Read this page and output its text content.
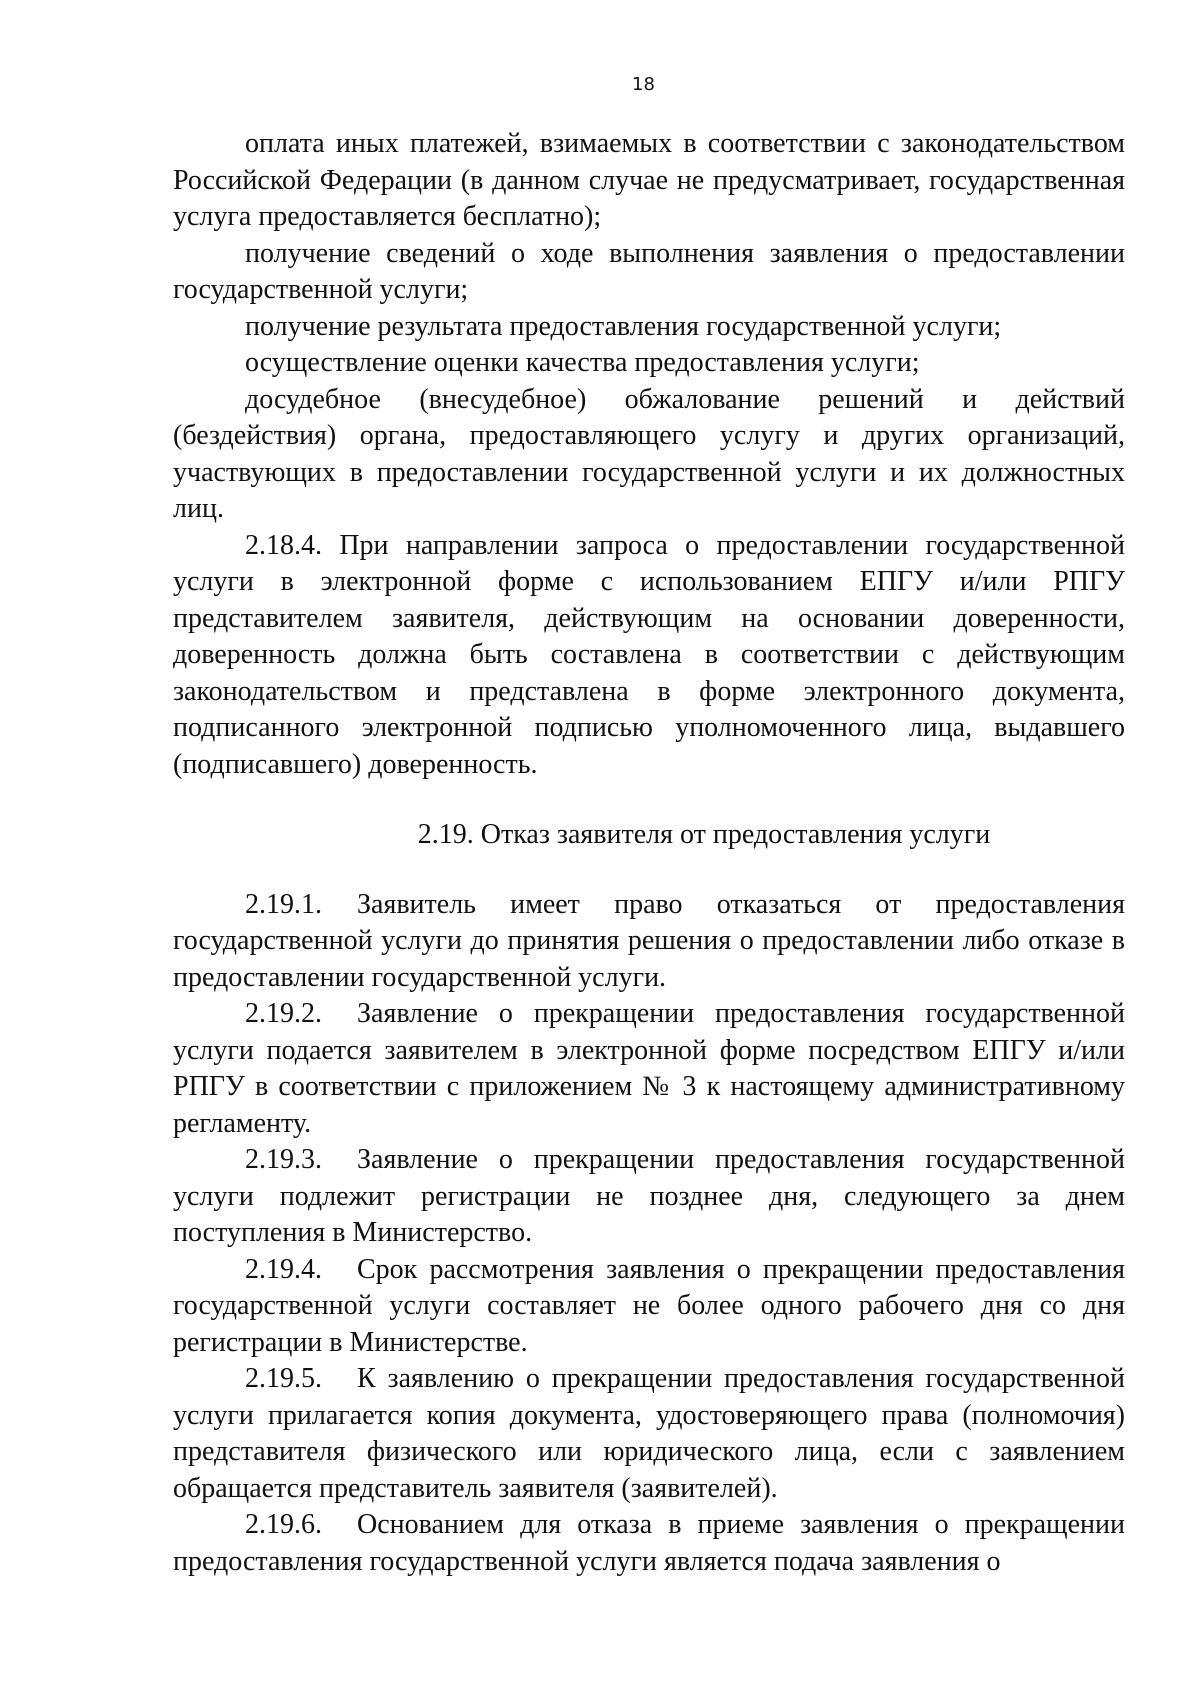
18

оплата иных платежей, взимаемых в соответствии с законодательством Российской Федерации (в данном случае не предусматривает, государственная услуга предоставляется бесплатно);

получение сведений о ходе выполнения заявления о предоставлении государственной услуги;

получение результата предоставления государственной услуги;

осуществление оценки качества предоставления услуги;

досудебное (внесудебное) обжалование решений и действий (бездействия) органа, предоставляющего услугу и других организаций, участвующих в предоставлении государственной услуги и их должностных лиц.

2.18.4. При направлении запроса о предоставлении государственной услуги в электронной форме с использованием ЕПГУ и/или РПГУ представителем заявителя, действующим на основании доверенности, доверенность должна быть составлена в соответствии с действующим законодательством и представлена в форме электронного документа, подписанного электронной подписью уполномоченного лица, выдавшего (подписавшего) доверенность.

2.19. Отказ заявителя от предоставления услуги

2.19.1. Заявитель имеет право отказаться от предоставления государственной услуги до принятия решения о предоставлении либо отказе в предоставлении государственной услуги.

2.19.2. Заявление о прекращении предоставления государственной услуги подается заявителем в электронной форме посредством ЕПГУ и/или РПГУ в соответствии с приложением № 3 к настоящему административному регламенту.

2.19.3. Заявление о прекращении предоставления государственной услуги подлежит регистрации не позднее дня, следующего за днем поступления в Министерство.

2.19.4. Срок рассмотрения заявления о прекращении предоставления государственной услуги составляет не более одного рабочего дня со дня регистрации в Министерстве.

2.19.5. К заявлению о прекращении предоставления государственной услуги прилагается копия документа, удостоверяющего права (полномочия) представителя физического или юридического лица, если с заявлением обращается представитель заявителя (заявителей).

2.19.6. Основанием для отказа в приеме заявления о прекращении предоставления государственной услуги является подача заявления о
